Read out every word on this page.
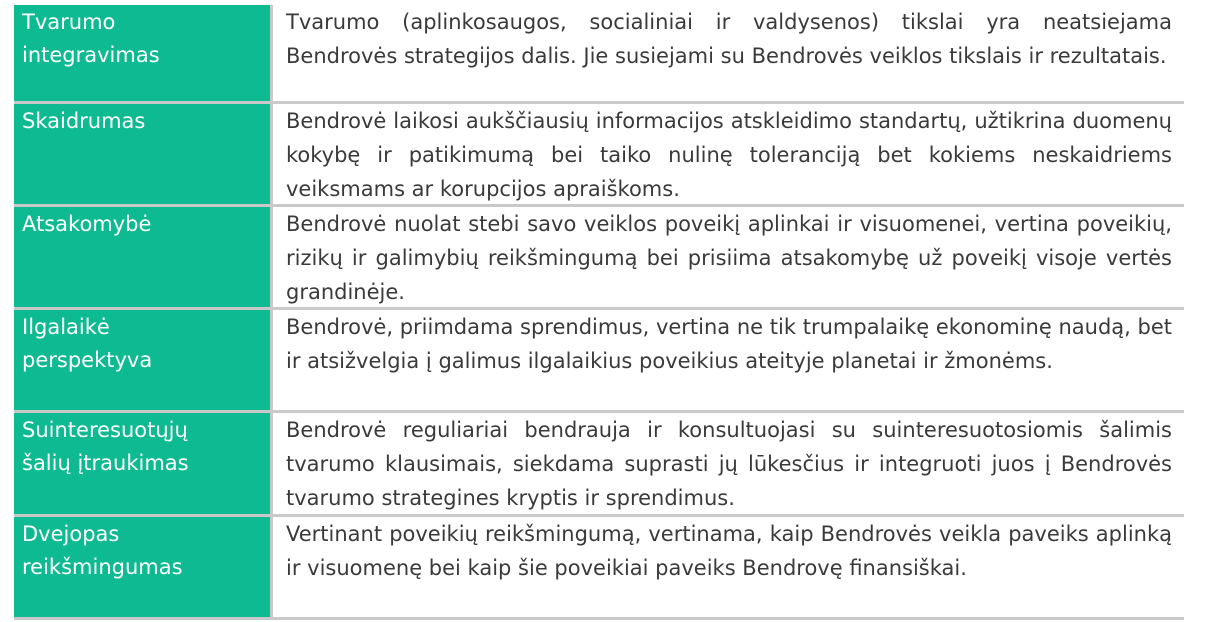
Tvarumo
integravimas
Tvarumo (aplinkosaugos, socialiniai ir valdysenos) tikslai yra neatsiejama Bendrovės strategijos dalis. Jie susiejami su Bendrovės veiklos tikslais ir rezultatais.
Skaidrumas	Bendrovė laikosi aukščiausių informacijos atskleidimo standartų, užtikrina duomenų kokybę ir patikimumą bei taiko nulinę toleranciją bet kokiems neskaidriems veiksmams ar korupcijos apraiškoms.
Atsakomybė	Bendrovė nuolat stebi savo veiklos poveikį aplinkai ir visuomenei, vertina poveikių, rizikų ir galimybių reikšmingumą bei prisiima atsakomybę už poveikį visoje vertės grandinėje.
Ilgalaikė
perspektyva
Bendrovė, priimdama sprendimus, vertina ne tik trumpalaikę ekonominę naudą, bet ir atsižvelgia į galimus ilgalaikius poveikius ateityje planetai ir žmonėms.
Suinteresuotųjų
šalių įtraukimas
Bendrovė reguliariai bendrauja ir konsultuojasi su suinteresuotosiomis šalimis tvarumo klausimais, siekdama suprasti jų lūkesčius ir integruoti juos į Bendrovės tvarumo strategines kryptis ir sprendimus.
Dvejopas
reikšmingumas
Vertinant poveikių reikšmingumą, vertinama, kaip Bendrovės veikla paveiks aplinką ir visuomenę bei kaip šie poveikiai paveiks Bendrovę finansiškai.
